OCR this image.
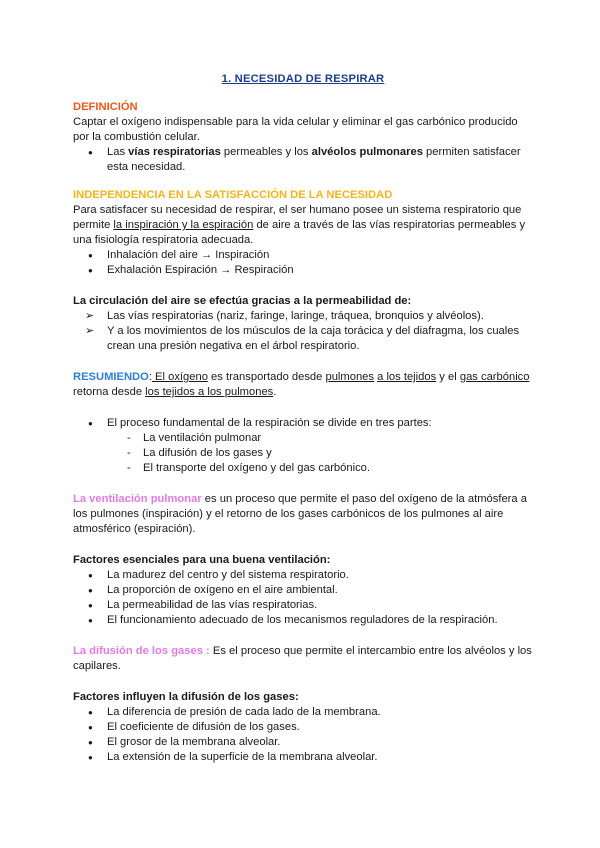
1. NECESIDAD DE RESPIRAR

DEFINICIÓN

Captar el oxígeno indispensable para la vida celular y eliminar el gas carbónico producido por la combustión celular.

● Las vías respiratorias permeables y los alvéolos pulmonares permiten satisfacer esta necesidad.

INDEPENDENCIA EN LA SATISFACCIÓN DE LA NECESIDAD

Para satisfacer su necesidad de respirar, el ser humano posee un sistema respiratorio que permite la inspiración y la espiración de aire a través de las vías respiratorias permeables y una fisiología respiratoria adecuada.

● Inhalación del aire → Inspiración
● Exhalación Espiración → Respiración

La circulación del aire se efectúa gracias a la permeabilidad de:

➢ Las vías respiratorias (nariz, faringe, laringe, tráquea, bronquios y alvéolos).
➢ Y a los movimientos de los músculos de la caja torácica y del diafragma, los cuales crean una presión negativa en el árbol respiratorio.

RESUMIENDO: El oxígeno es transportado desde pulmones a los tejidos y el gas carbónico retorna desde los tejidos a los pulmones.

● El proceso fundamental de la respiración se divide en tres partes:
- La ventilación pulmonar
- La difusión de los gases y
- El transporte del oxígeno y del gas carbónico.

La ventilación pulmonar es un proceso que permite el paso del oxígeno de la atmósfera a los pulmones (inspiración) y el retorno de los gases carbónicos de los pulmones al aire atmosférico (espiración).

Factores esenciales para una buena ventilación:

● La madurez del centro y del sistema respiratorio.
● La proporción de oxígeno en el aire ambiental.
● La permeabilidad de las vías respiratorias.
● El funcionamiento adecuado de los mecanismos reguladores de la respiración.

La difusión de los gases : Es el proceso que permite el intercambio entre los alvéolos y los capilares.

Factores influyen la difusión de los gases:

● La diferencia de presión de cada lado de la membrana.
● El coeficiente de difusión de los gases.
● El grosor de la membrana alveolar.
● La extensión de la superficie de la membrana alveolar.
